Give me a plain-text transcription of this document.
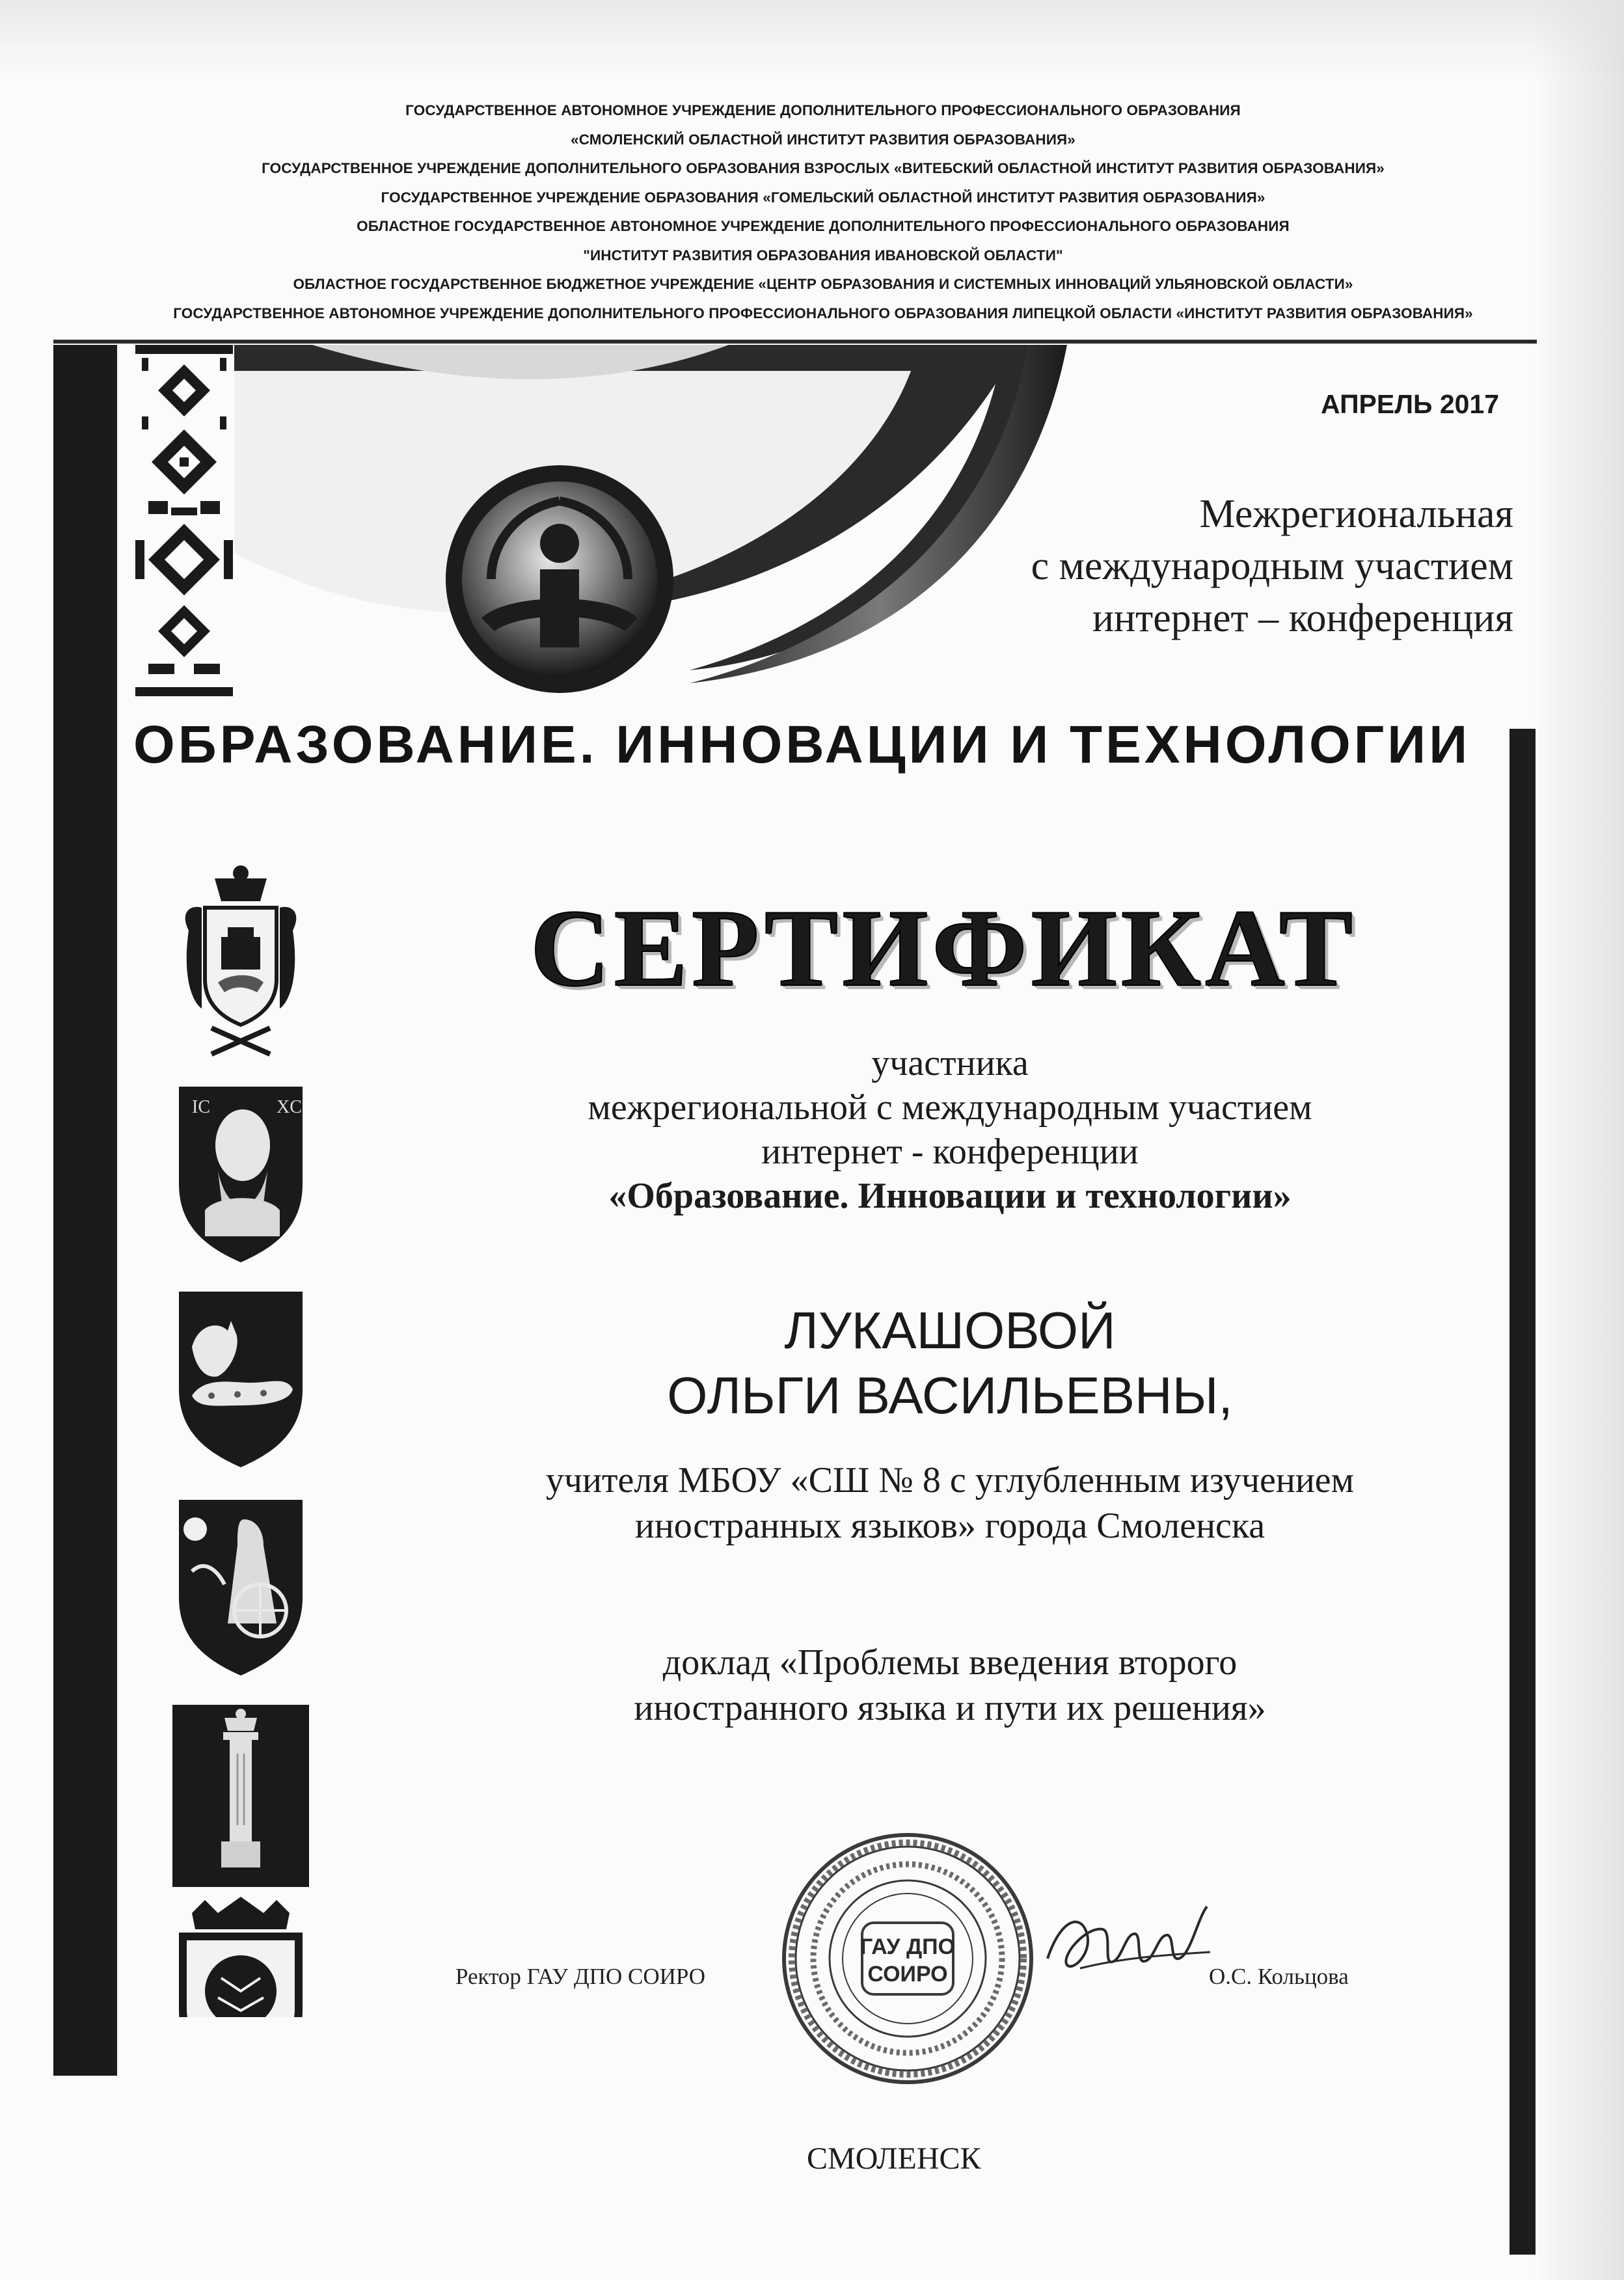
ГОСУДАРСТВЕННОЕ АВТОНОМНОЕ УЧРЕЖДЕНИЕ ДОПОЛНИТЕЛЬНОГО ПРОФЕССИОНАЛЬНОГО ОБРАЗОВАНИЯ
«СМОЛЕНСКИЙ ОБЛАСТНОЙ ИНСТИТУТ РАЗВИТИЯ ОБРАЗОВАНИЯ»
ГОСУДАРСТВЕННОЕ УЧРЕЖДЕНИЕ ДОПОЛНИТЕЛЬНОГО ОБРАЗОВАНИЯ ВЗРОСЛЫХ «ВИТЕБСКИЙ ОБЛАСТНОЙ ИНСТИТУТ РАЗВИТИЯ ОБРАЗОВАНИЯ»
ГОСУДАРСТВЕННОЕ УЧРЕЖДЕНИЕ ОБРАЗОВАНИЯ «ГОМЕЛЬСКИЙ ОБЛАСТНОЙ ИНСТИТУТ РАЗВИТИЯ ОБРАЗОВАНИЯ»
ОБЛАСТНОЕ ГОСУДАРСТВЕННОЕ АВТОНОМНОЕ УЧРЕЖДЕНИЕ ДОПОЛНИТЕЛЬНОГО ПРОФЕССИОНАЛЬНОГО ОБРАЗОВАНИЯ
"ИНСТИТУТ РАЗВИТИЯ ОБРАЗОВАНИЯ ИВАНОВСКОЙ ОБЛАСТИ"
ОБЛАСТНОЕ ГОСУДАРСТВЕННОЕ БЮДЖЕТНОЕ УЧРЕЖДЕНИЕ «ЦЕНТР ОБРАЗОВАНИЯ И СИСТЕМНЫХ ИННОВАЦИЙ УЛЬЯНОВСКОЙ ОБЛАСТИ»
ГОСУДАРСТВЕННОЕ АВТОНОМНОЕ УЧРЕЖДЕНИЕ ДОПОЛНИТЕЛЬНОГО ПРОФЕССИОНАЛЬНОГО ОБРАЗОВАНИЯ ЛИПЕЦКОЙ ОБЛАСТИ «ИНСТИТУТ РАЗВИТИЯ ОБРАЗОВАНИЯ»
АПРЕЛЬ 2017
Межрегиональная
с международным участием
интернет – конференция
ОБРАЗОВАНИЕ. ИННОВАЦИИ И ТЕХНОЛОГИИ
IC	XC
СЕРТИФИКАТ
участника
межрегиональной с международным участием
интернет - конференции
«Образование. Инновации и технологии»
ЛУКАШОВОЙ
ОЛЬГИ ВАСИЛЬЕВНЫ,
учителя МБОУ «СШ № 8 с углубленным изучением
иностранных языков» города Смоленска
доклад «Проблемы введения второго
иностранного языка и пути их решения»
Ректор ГАУ ДПО СОИРО
ГАУ ДПО
СОИРО	О.С. Кольцова
СМОЛЕНСК
